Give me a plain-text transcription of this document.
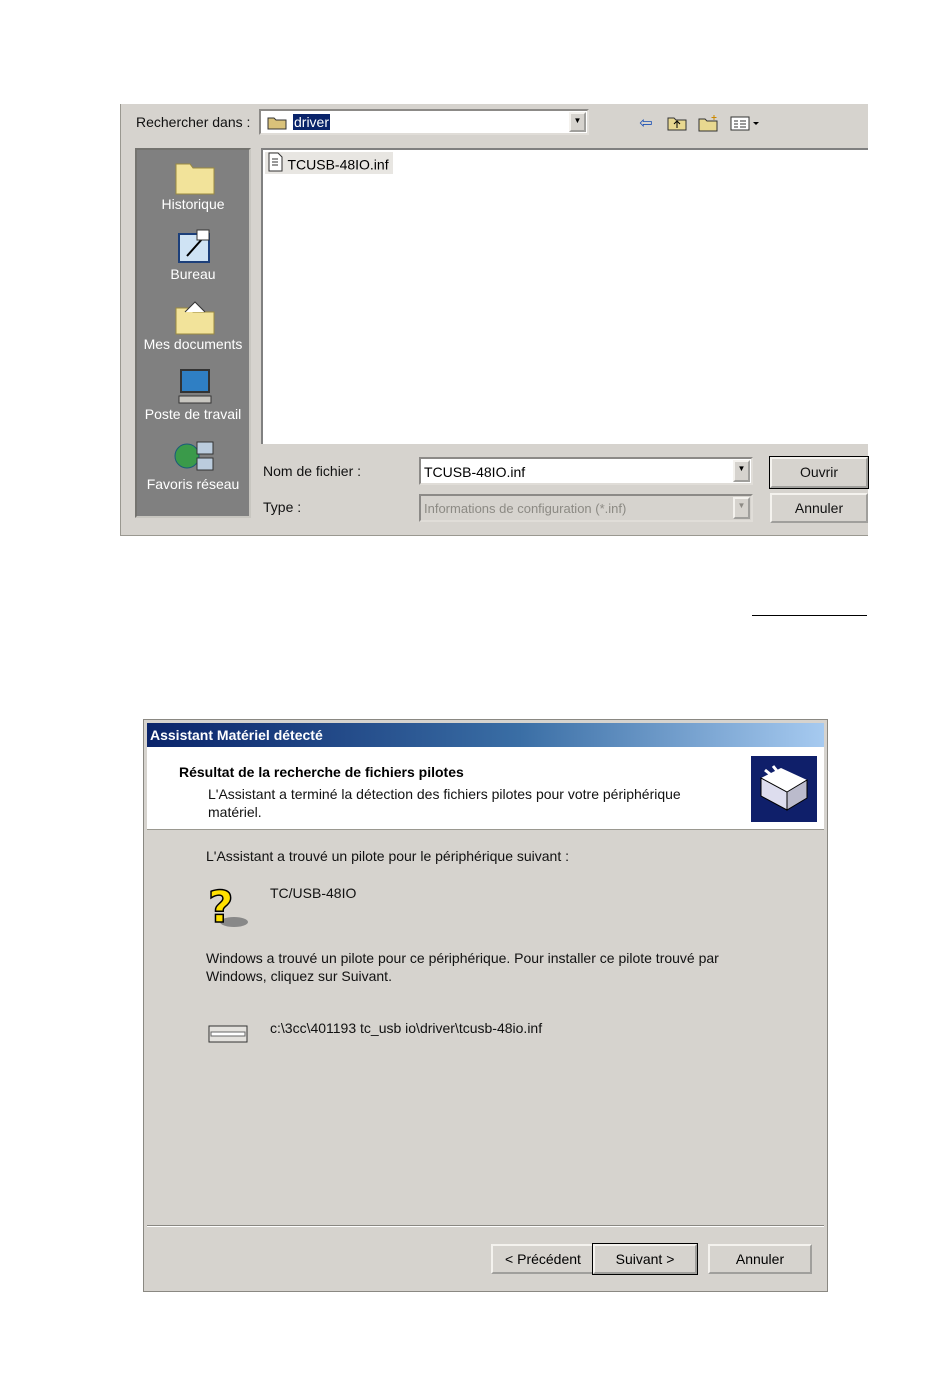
Rechercher dans :	driver	▼	⇦
Historique
Bureau
Mes documents
Poste de travail
Favoris réseau
TCUSB-48IO.inf
Nom de fichier :	TCUSB-48IO.inf	▼
Type :	Informations de configuration (*.inf)	▼
Ouvrir
Annuler
Assistant Matériel détecté
Résultat de la recherche de fichiers pilotes
L'Assistant a terminé la détection des fichiers pilotes pour votre périphérique matériel.
L'Assistant a trouvé un pilote pour le périphérique suivant :
?	TC/USB-48IO
Windows a trouvé un pilote pour ce périphérique. Pour installer ce pilote trouvé par Windows, cliquez sur Suivant.
c:\3cc\401193 tc_usb io\driver\tcusb-48io.inf
< Précédent	Suivant >	Annuler
